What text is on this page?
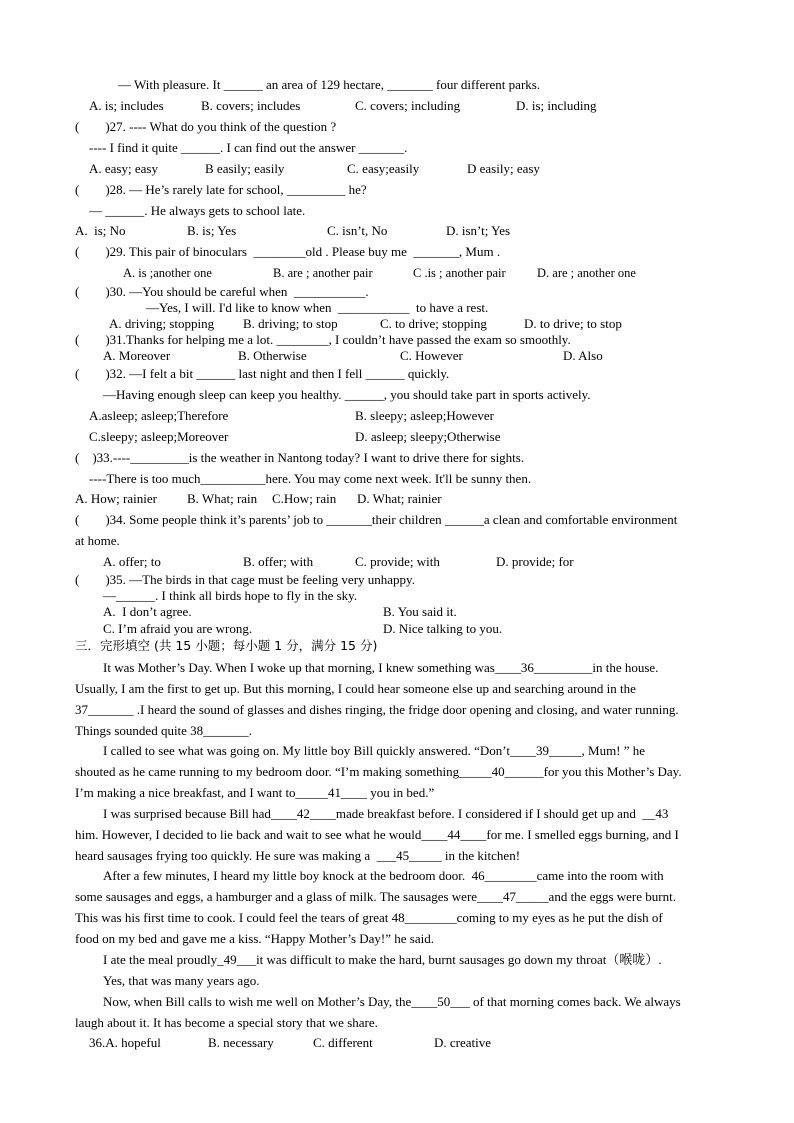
— With pleasure. It ______ an area of 129 hectare, _______ four different parks.
A. is; includes	B. covers; includes	C. covers; including	D. is; including
(        )27. ---- What do you think of the question ?
---- I find it quite ______. I can find out the answer _______.
A. easy; easy	B easily; easily	C. easy;easily	D easily; easy
(        )28. — He’s rarely late for school, _________ he?
— ______. He always gets to school late.
A.  is; No	B. is; Yes	C. isn’t, No	D. isn’t; Yes
(        )29. This pair of binoculars  ________old . Please buy me  _______, Mum .
A. is ;another one	B. are ; another pair	C .is ; another pair	D. are ; another one
(        )30. —You should be careful when  ___________.
—Yes, I will. I'd like to know when  ___________  to have a rest.
A. driving; stopping B. driving; to stop	C. to drive; stopping	D. to drive; to stop
(        )31.Thanks for helping me a lot. ________, I couldn’t have passed the exam so smoothly.
A. Moreover	B. Otherwise	C. However	D. Also
(        )32. —I felt a bit ______ last night and then I fell ______ quickly.
—Having enough sleep can keep you healthy. ______, you should take part in sports actively.
A.asleep; asleep;Therefore	B. sleepy; asleep;However
C.sleepy; asleep;Moreover	D. asleep; sleepy;Otherwise
(    )33.----_________is the weather in Nantong today? I want to drive there for sights.
----There is too much__________here. You may come next week. It'll be sunny then.
A. How; rainier B. What; rain C.How; rain D. What; rainier
(        )34. Some people think it’s parents’ job to _______their children ______a clean and comfortable environment
at home.
A. offer; to	B. offer; with	C. provide; with	D. provide; for
(        )35. —The birds in that cage must be feeling very unhappy.
—______. I think all birds hope to fly in the sky.
A.  I don’t agree.	B. You said it.
C. I’m afraid you are wrong.	D. Nice talking to you.
三．完形填空 (共 15 小题；每小题 1 分，满分 15 分)
It was Mother’s Day. When I woke up that morning, I knew something was____36_________in the house.
Usually, I am the first to get up. But this morning, I could hear someone else up and searching around in the
37_______ .I heard the sound of glasses and dishes ringing, the fridge door opening and closing, and water running.
Things sounded quite 38_______.
I called to see what was going on. My little boy Bill quickly answered. “Don’t____39_____, Mum! ” he
shouted as he came running to my bedroom door. “I’m making something_____40______for you this Mother’s Day.
I’m making a nice breakfast, and I want to_____41____ you in bed.”
I was surprised because Bill had____42____made breakfast before. I considered if I should get up and  __43
him. However, I decided to lie back and wait to see what he would____44____for me. I smelled eggs burning, and I
heard sausages frying too quickly. He sure was making a  ___45_____ in the kitchen!
After a few minutes, I heard my little boy knock at the bedroom door.  46________came into the room with
some sausages and eggs, a hamburger and a glass of milk. The sausages were____47_____and the eggs were burnt.
This was his first time to cook. I could feel the tears of great 48________coming to my eyes as he put the dish of
food on my bed and gave me a kiss. “Happy Mother’s Day!” he said.
I ate the meal proudly_49___it was difficult to make the hard, burnt sausages go down my throat（喉咙）.
Yes, that was many years ago.
Now, when Bill calls to wish me well on Mother’s Day, the____50___ of that morning comes back. We always
laugh about it. It has become a special story that we share.
36.A. hopeful	B. necessary	C. different	D. creative
